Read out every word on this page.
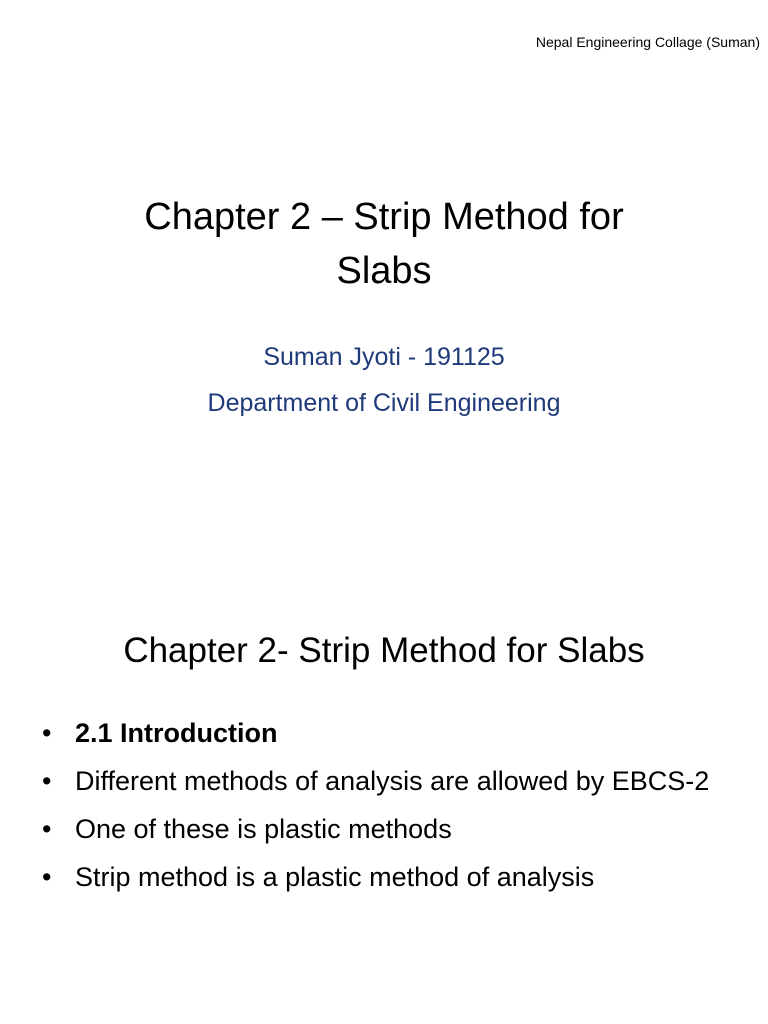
Nepal Engineering Collage (Suman)
Chapter 2 – Strip Method for
Slabs
Suman Jyoti - 191125
Department of Civil Engineering
Chapter 2- Strip Method for Slabs
• 2.1 Introduction
• Different methods of analysis are allowed by EBCS-2
• One of these is plastic methods
• Strip method is a plastic method of analysis
